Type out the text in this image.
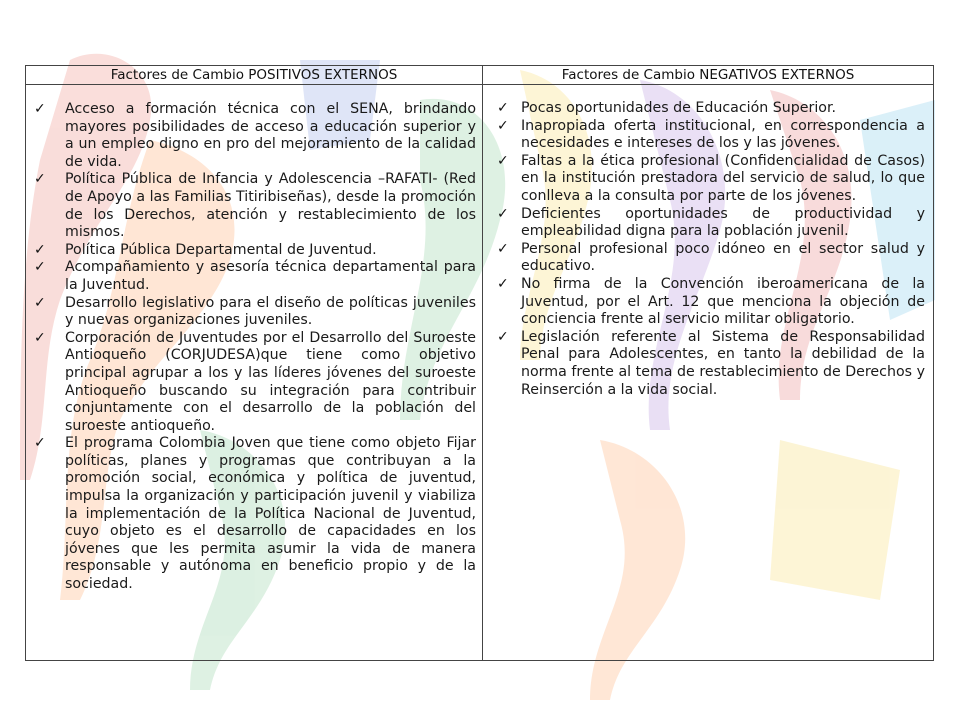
Factores de Cambio POSITIVOS EXTERNOS	Factores de Cambio NEGATIVOS EXTERNOS
✓ Acceso a formación técnica con el SENA, brindando mayores posibilidades de acceso a educación superior y a un empleo digno en pro del mejoramiento de la calidad de vida.
✓ Política Pública de Infancia y Adolescencia –RAFATI- (Red de Apoyo a las Familias Titiribiseñas), desde la promoción de los Derechos, atención y restablecimiento de los mismos.
✓ Política Pública Departamental de Juventud.
✓ Acompañamiento y asesoría técnica departamental para la Juventud.
✓ Desarrollo legislativo para el diseño de políticas juveniles y nuevas organizaciones juveniles.
✓ Corporación de Juventudes por el Desarrollo del Suroeste Antioqueño (CORJUDESA)que tiene como objetivo principal agrupar a los y las líderes jóvenes del suroeste Antioqueño buscando su integración para contribuir conjuntamente con el desarrollo de la población del suroeste antioqueño.
✓ El programa Colombia Joven que tiene como objeto Fijar políticas, planes y programas que contribuyan a la promoción social, económica y política de juventud, impulsa la organización y participación juvenil y viabiliza la implementación de la Política Nacional de Juventud, cuyo objeto es el desarrollo de capacidades en los jóvenes que les permita asumir la vida de manera responsable y autónoma en beneficio propio y de la sociedad.
✓ Pocas oportunidades de Educación Superior.
✓ Inapropiada oferta institucional, en correspondencia a necesidades e intereses de los y las jóvenes.
✓ Faltas a la ética profesional (Confidencialidad de Casos) en la institución prestadora del servicio de salud, lo que conlleva a la consulta por parte de los jóvenes.
✓ Deficientes oportunidades de productividad y empleabilidad digna para la población juvenil.
✓ Personal profesional poco idóneo en el sector salud y educativo.
✓ No firma de la Convención iberoamericana de la Juventud, por el Art. 12 que menciona la objeción de conciencia frente al servicio militar obligatorio.
✓ Legislación referente al Sistema de Responsabilidad Penal para Adolescentes, en tanto la debilidad de la norma frente al tema de restablecimiento de Derechos y Reinserción a la vida social.
